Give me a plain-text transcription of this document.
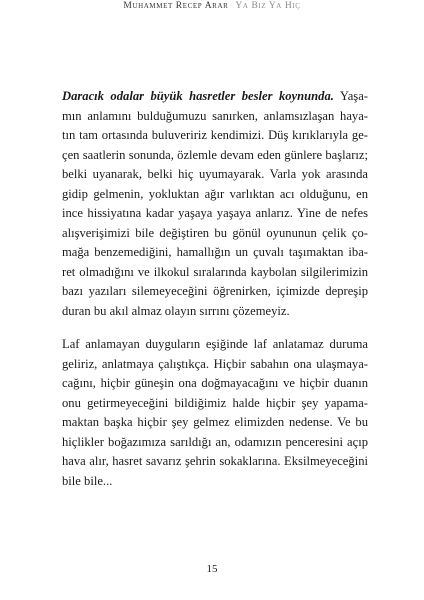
Muhammet Recep Arar Ya Biz Ya Hiç
Daracık odalar büyük hasretler besler koynunda. Yaşa-
mın anlamını bulduğumuzu sanırken, anlamsızlaşan haya-
tın tam ortasında buluveririz kendimizi. Düş kırıklarıyla ge-
çen saatlerin sonunda, özlemle devam eden günlere başlarız;
belki uyanarak, belki hiç uyumayarak. Varla yok arasında
gidip gelmenin, yokluktan ağır varlıktan acı olduğunu, en
ince hissiyatına kadar yaşaya yaşaya anlarız. Yine de nefes
alışverişimizi bile değiştiren bu gönül oyununun çelik ço-
mağa benzemediğini, hamallığın un çuvalı taşımaktan iba-
ret olmadığını ve ilkokul sıralarında kaybolan silgilerimizin
bazı yazıları silemeyeceğini öğrenirken, içimizde depreşip
duran bu akıl almaz olayın sırrını çözemeyiz.
Laf anlamayan duyguların eşiğinde laf anlatamaz duruma
geliriz, anlatmaya çalıştıkça. Hiçbir sabahın ona ulaşmaya-
cağını, hiçbir güneşin ona doğmayacağını ve hiçbir duanın
onu getirmeyeceğini bildiğimiz halde hiçbir şey yapama-
maktan başka hiçbir şey gelmez elimizden nedense. Ve bu
hiçlikler boğazımıza sarıldığı an, odamızın penceresini açıp
hava alır, hasret savarız şehrin sokaklarına. Eksilmeyeceğini
bile bile...
15
